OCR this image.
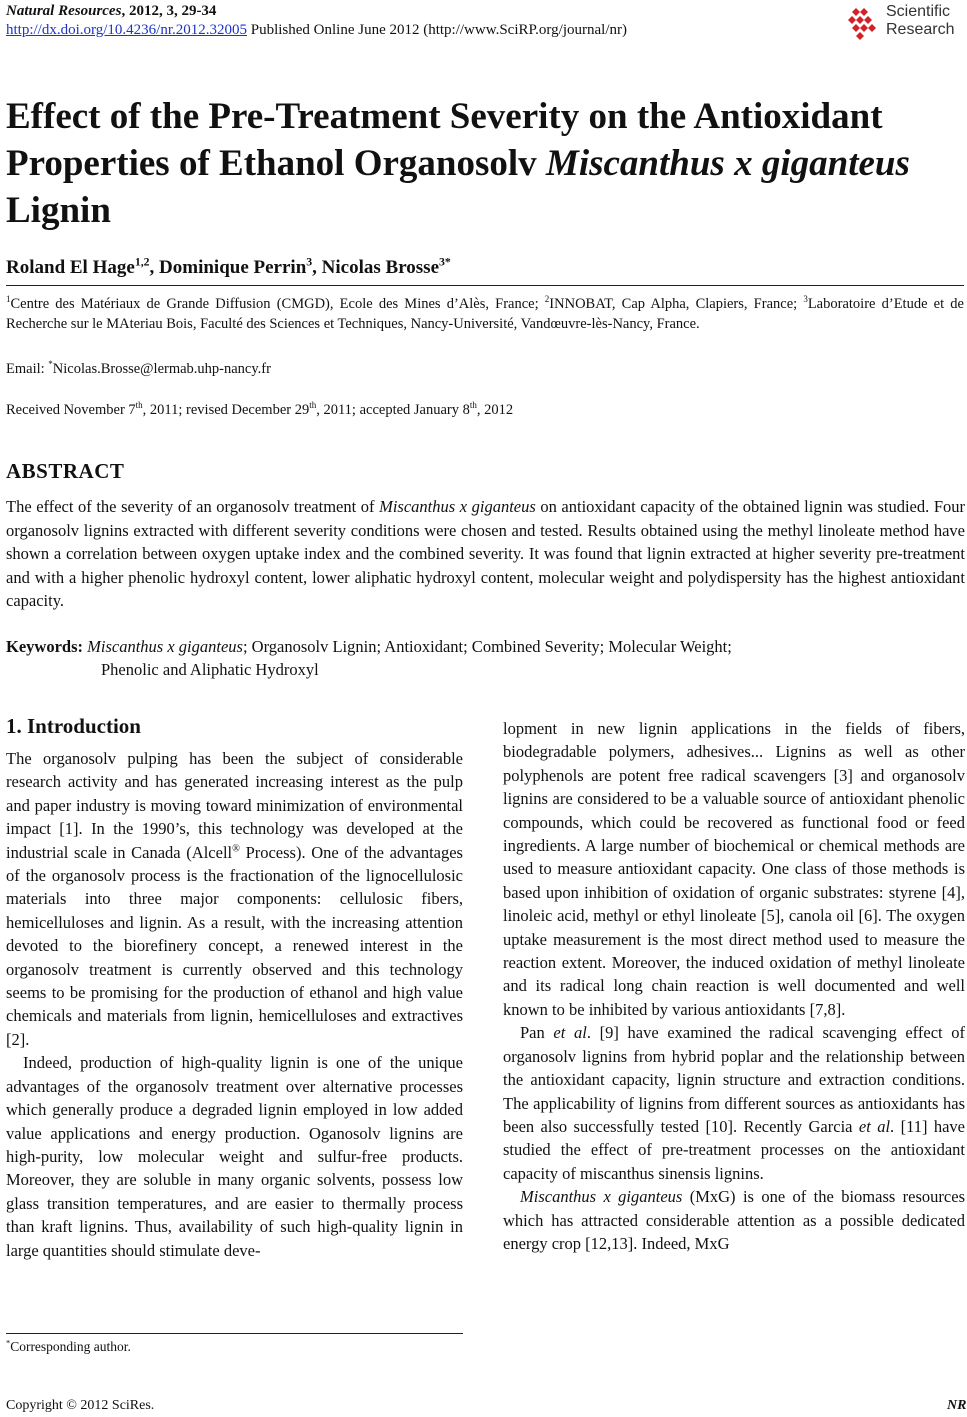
Natural Resources, 2012, 3, 29-34
http://dx.doi.org/10.4236/nr.2012.32005 Published Online June 2012 (http://www.SciRP.org/journal/nr)
Scientific
Research
Effect of the Pre-Treatment Severity on the Antioxidant Properties of Ethanol Organosolv Miscanthus x giganteus Lignin
Roland El Hage$^{1,2}$, Dominique Perrin$^3$, Nicolas Brosse$^{3*}$
$^1$Centre des Matériaux de Grande Diffusion (CMGD), Ecole des Mines d’Alès, France; $^2$INNOBAT, Cap Alpha, Clapiers, France; $^3$Laboratoire d’Etude et de Recherche sur le MAteriau Bois, Faculté des Sciences et Techniques, Nancy-Université, Vandœuvre-lès-Nancy, France.
Email: *Nicolas.Brosse@lermab.uhp-nancy.fr
Received November 7th, 2011; revised December 29th, 2011; accepted January 8th, 2012
ABSTRACT
The effect of the severity of an organosolv treatment of Miscanthus x giganteus on antioxidant capacity of the obtained lignin was studied. Four organosolv lignins extracted with different severity conditions were chosen and tested. Results obtained using the methyl linoleate method have shown a correlation between oxygen uptake index and the combined severity. It was found that lignin extracted at higher severity pre-treatment and with a higher phenolic hydroxyl content, lower aliphatic hydroxyl content, molecular weight and polydispersity has the highest antioxidant capacity.
Keywords: Miscanthus x giganteus; Organosolv Lignin; Antioxidant; Combined Severity; Molecular Weight;
Phenolic and Aliphatic Hydroxyl
1. Introduction

The organosolv pulping has been the subject of considerable research activity and has generated increasing interest as the pulp and paper industry is moving toward minimization of environmental impact [1]. In the 1990’s, this technology was developed at the industrial scale in Canada (Alcell® Process). One of the advantages of the organosolv process is the fractionation of the lignocellulosic materials into three major components: cellulosic fibers, hemicelluloses and lignin. As a result, with the increasing attention devoted to the biorefinery concept, a renewed interest in the organosolv treatment is currently observed and this technology seems to be promising for the production of ethanol and high value chemicals and materials from lignin, hemicelluloses and extractives [2].

Indeed, production of high-quality lignin is one of the unique advantages of the organosolv treatment over alternative processes which generally produce a degraded lignin employed in low added value applications and energy production. Oganosolv lignins are high-purity, low molecular weight and sulfur-free products. Moreover, they are soluble in many organic solvents, possess low glass transition temperatures, and are easier to thermally process than kraft lignins. Thus, availability of such high-quality lignin in large quantities should stimulate deve-

lopment in new lignin applications in the fields of fibers, biodegradable polymers, adhesives... Lignins as well as other polyphenols are potent free radical scavengers [3] and organosolv lignins are considered to be a valuable source of antioxidant phenolic compounds, which could be recovered as functional food or feed ingredients. A large number of biochemical or chemical methods are used to measure antioxidant capacity. One class of those methods is based upon inhibition of oxidation of organic substrates: styrene [4], linoleic acid, methyl or ethyl linoleate [5], canola oil [6]. The oxygen uptake measurement is the most direct method used to measure the reaction extent. Moreover, the induced oxidation of methyl linoleate and its radical long chain reaction is well documented and well known to be inhibited by various antioxidants [7,8].

Pan et al. [9] have examined the radical scavenging effect of organosolv lignins from hybrid poplar and the relationship between the antioxidant capacity, lignin structure and extraction conditions. The applicability of lignins from different sources as antioxidants has been also successfully tested [10]. Recently Garcia et al. [11] have studied the effect of pre-treatment processes on the antioxidant capacity of miscanthus sinensis lignins.

Miscanthus x giganteus (MxG) is one of the biomass resources which has attracted considerable attention as a possible dedicated energy crop [12,13]. Indeed, MxG

*Corresponding author.
Copyright © 2012 SciRes.	NR
